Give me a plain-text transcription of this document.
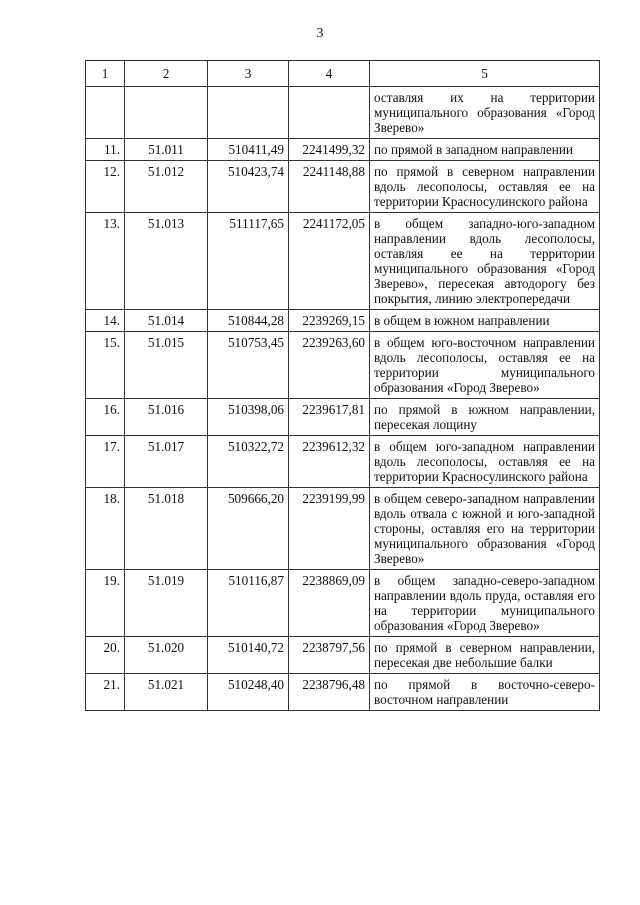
3
1	2	3	4	5
				оставляя их на территории муниципального образования «Город Зверево»
11.	51.011	510411,49	2241499,32	по прямой в западном направлении
12.	51.012	510423,74	2241148,88	по прямой в северном направлении вдоль лесополосы, оставляя ее на территории Красносулинского района
13.	51.013	511117,65	2241172,05	в общем западно-юго-западном направлении вдоль лесополосы, оставляя ее на территории муниципального образования «Город Зверево», пересекая автодорогу без покрытия, линию электропередачи
14.	51.014	510844,28	2239269,15	в общем в южном направлении
15.	51.015	510753,45	2239263,60	в общем юго-восточном направлении вдоль лесополосы, оставляя ее на территории муниципального образования «Город Зверево»
16.	51.016	510398,06	2239617,81	по прямой в южном направлении, пересекая лощину
17.	51.017	510322,72	2239612,32	в общем юго-западном направлении вдоль лесополосы, оставляя ее на территории Красносулинского района
18.	51.018	509666,20	2239199,99	в общем северо-западном направлении вдоль отвала с южной и юго-западной стороны, оставляя его на территории муниципального образования «Город Зверево»
19.	51.019	510116,87	2238869,09	в общем западно-северо-западном направлении вдоль пруда, оставляя его на территории муниципального образования «Город Зверево»
20.	51.020	510140,72	2238797,56	по прямой в северном направлении, пересекая две небольшие балки
21.	51.021	510248,40	2238796,48	по прямой в восточно-северо-восточном направлении
